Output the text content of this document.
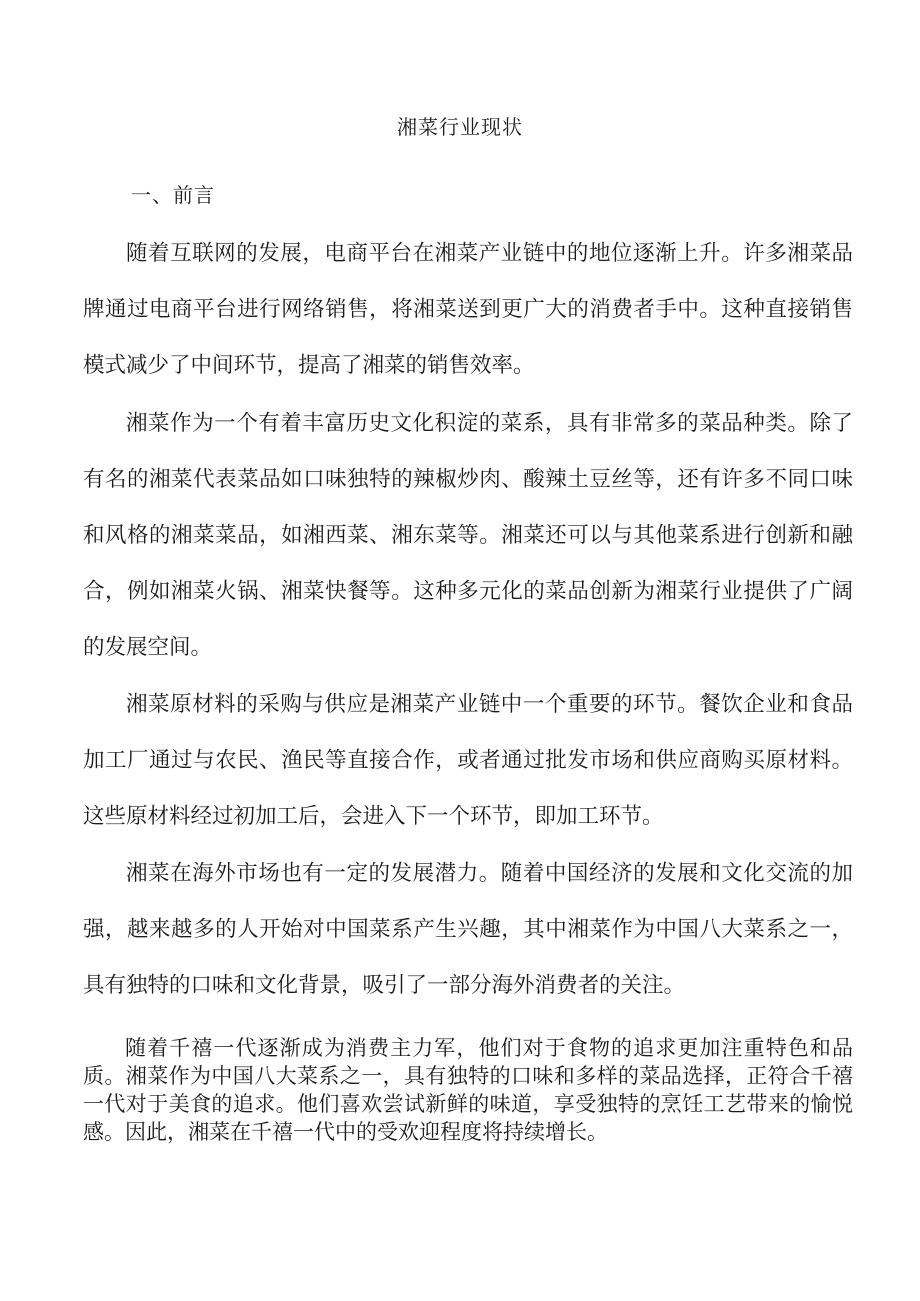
湘菜行业现状
一、前言

随着互联网的发展，电商平台在湘菜产业链中的地位逐渐上升。许多湘菜品牌通过电商平台进行网络销售，将湘菜送到更广大的消费者手中。这种直接销售模式减少了中间环节，提高了湘菜的销售效率。

湘菜作为一个有着丰富历史文化积淀的菜系，具有非常多的菜品种类。除了有名的湘菜代表菜品如口味独特的辣椒炒肉、酸辣土豆丝等，还有许多不同口味和风格的湘菜菜品，如湘西菜、湘东菜等。湘菜还可以与其他菜系进行创新和融合，例如湘菜火锅、湘菜快餐等。这种多元化的菜品创新为湘菜行业提供了广阔的发展空间。

湘菜原材料的采购与供应是湘菜产业链中一个重要的环节。餐饮企业和食品加工厂通过与农民、渔民等直接合作，或者通过批发市场和供应商购买原材料。这些原材料经过初加工后，会进入下一个环节，即加工环节。

湘菜在海外市场也有一定的发展潜力。随着中国经济的发展和文化交流的加强，越来越多的人开始对中国菜系产生兴趣，其中湘菜作为中国八大菜系之一，具有独特的口味和文化背景，吸引了一部分海外消费者的关注。

随着千禧一代逐渐成为消费主力军，他们对于食物的追求更加注重特色和品质。湘菜作为中国八大菜系之一，具有独特的口味和多样的菜品选择，正符合千禧一代对于美食的追求。他们喜欢尝试新鲜的味道，享受独特的烹饪工艺带来的愉悦感。因此，湘菜在千禧一代中的受欢迎程度将持续增长。
